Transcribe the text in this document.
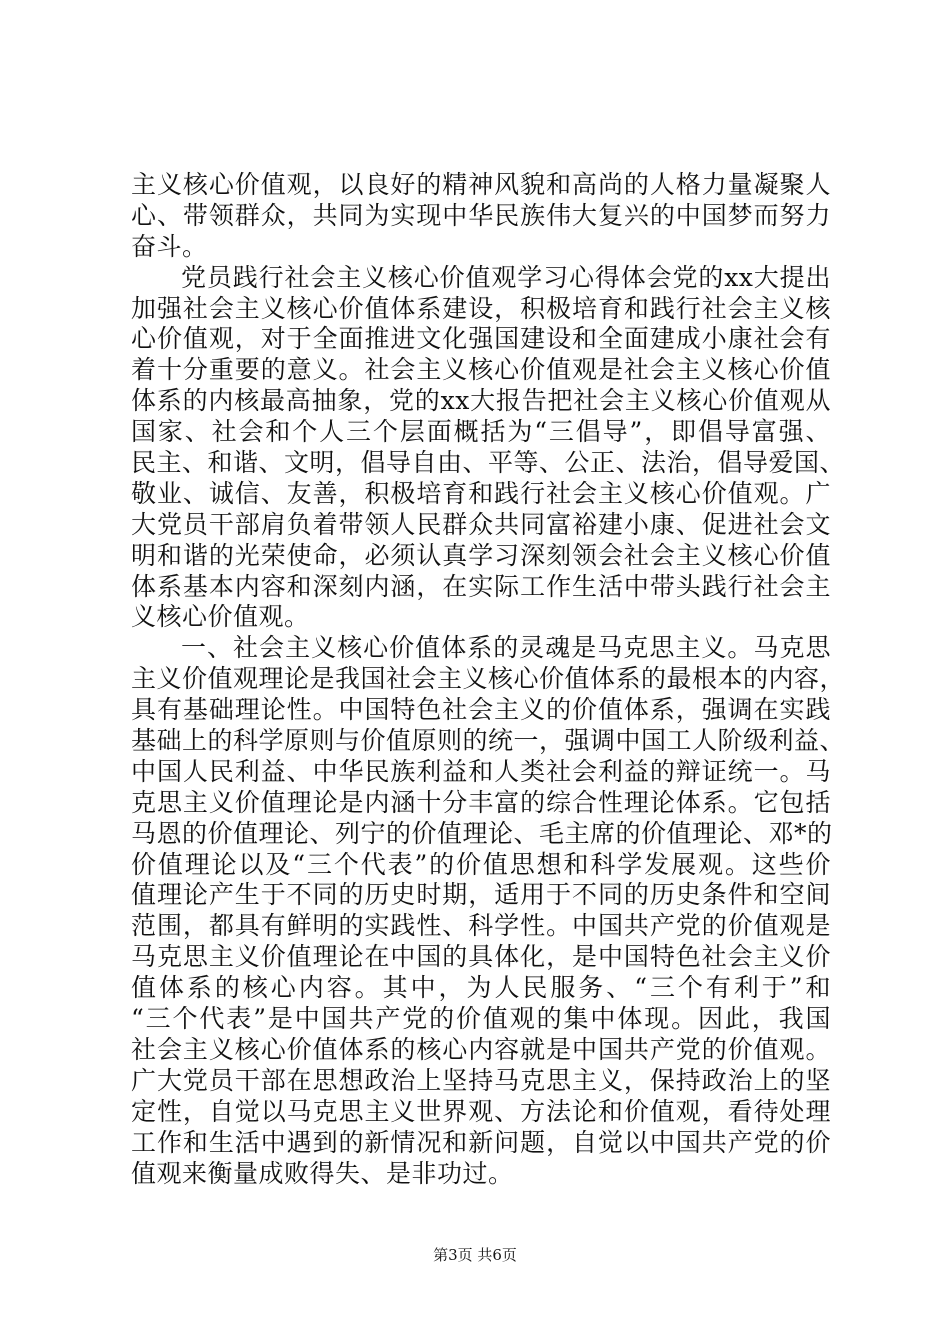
主义核心价值观，以良好的精神风貌和高尚的人格力量凝聚人
心、带领群众，共同为实现中华民族伟大复兴的中国梦而努力
奋斗。
党员践行社会主义核心价值观学习心得体会党的xx大提出
加强社会主义核心价值体系建设，积极培育和践行社会主义核
心价值观，对于全面推进文化强国建设和全面建成小康社会有
着十分重要的意义。社会主义核心价值观是社会主义核心价值
体系的内核最高抽象，党的xx大报告把社会主义核心价值观从
国家、社会和个人三个层面概括为“三倡导”，即倡导富强、
民主、和谐、文明，倡导自由、平等、公正、法治，倡导爱国、
敬业、诚信、友善，积极培育和践行社会主义核心价值观。广
大党员干部肩负着带领人民群众共同富裕建小康、促进社会文
明和谐的光荣使命，必须认真学习深刻领会社会主义核心价值
体系基本内容和深刻内涵，在实际工作生活中带头践行社会主
义核心价值观。
一、社会主义核心价值体系的灵魂是马克思主义。马克思
主义价值观理论是我国社会主义核心价值体系的最根本的内容，
具有基础理论性。中国特色社会主义的价值体系，强调在实践
基础上的科学原则与价值原则的统一，强调中国工人阶级利益、
中国人民利益、中华民族利益和人类社会利益的辩证统一。马
克思主义价值理论是内涵十分丰富的综合性理论体系。它包括
马恩的价值理论、列宁的价值理论、毛主席的价值理论、邓*的
价值理论以及“三个代表”的价值思想和科学发展观。这些价
值理论产生于不同的历史时期，适用于不同的历史条件和空间
范围，都具有鲜明的实践性、科学性。中国共产党的价值观是
马克思主义价值理论在中国的具体化，是中国特色社会主义价
值体系的核心内容。其中，为人民服务、“三个有利于”和
“三个代表”是中国共产党的价值观的集中体现。因此，我国
社会主义核心价值体系的核心内容就是中国共产党的价值观。
广大党员干部在思想政治上坚持马克思主义，保持政治上的坚
定性，自觉以马克思主义世界观、方法论和价值观，看待处理
工作和生活中遇到的新情况和新问题，自觉以中国共产党的价
值观来衡量成败得失、是非功过。
第3页 共6页
